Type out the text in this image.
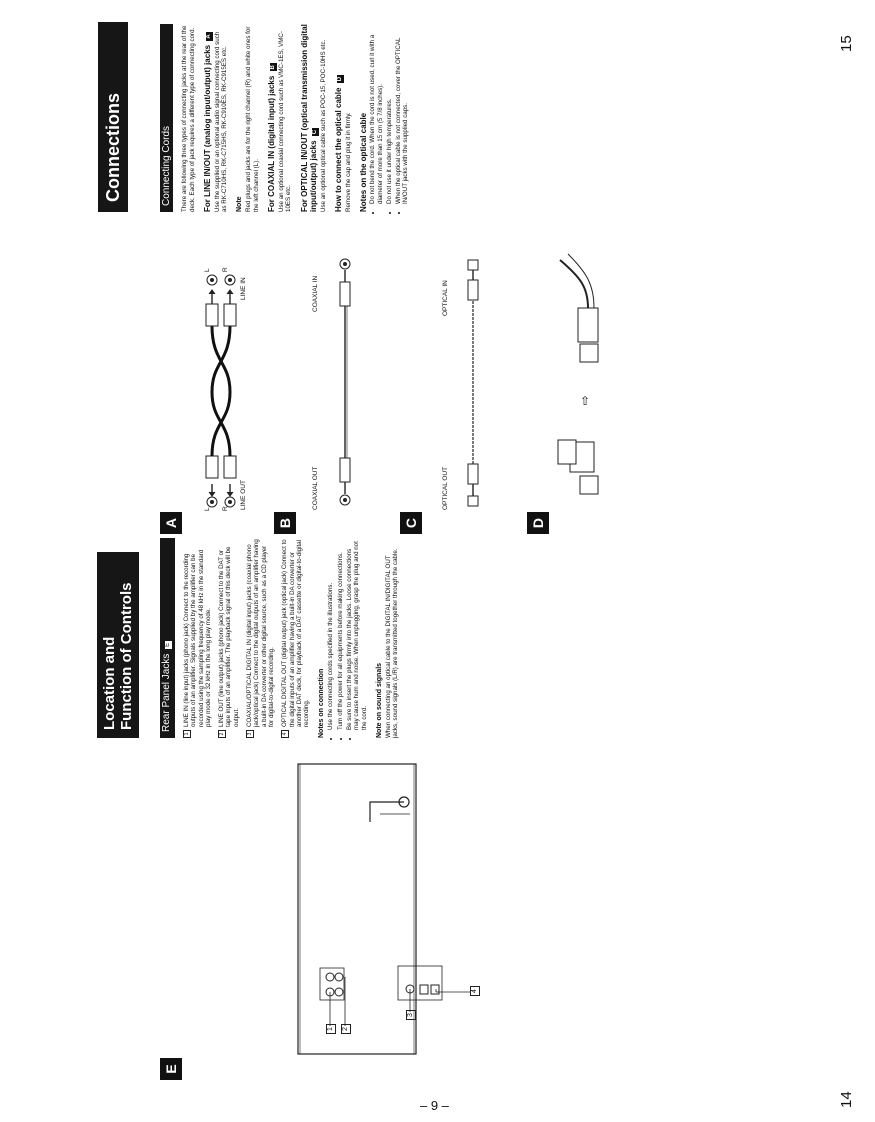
– 9 –	14
15
E
1 2
3
4
Location and Function of Controls	Rear Panel Jacks E
1
LINE IN (line input) jacks (phono jack) Connect to the recording outputs of an amplifier. Signals supplied by the amplifier can be recorded using the sampling frequency of 48 kHz in the standard play mode or 32 kHz in the long play mode.
2
LINE OUT (line output) jacks (phono jack) Connect to the DAT or tape inputs of an amplifier. The playback signal of this deck will be output.
3
COAXIAL/OPTICAL DIGITAL IN (digital input) jacks (coaxial phono jack/optical jack) Connect to the digital outputs of an amplifier having a built-in DA converter or other digital source, such as a CD player for digital-to-digital recording.
4
OPTICAL DIGITAL OUT (digital output) jack (optical jack) Connect to the digital inputs of an amplifier having a built-in DA converter or another DAT deck, for playback of a DAT cassette or digital-to-digital recording. Notes on connection • Use the connecting cords specified in the illustrations. • Turn off the power for all equipments before making connections. • Be sure to insert the plugs firmly into the jacks. Loose connections may cause hum and noise. When unplugging, grasp the plug and not the cord. Note on sound signals When connecting an optical cable to the DIGITAL IN/DIGITAL OUT jacks, sound signals (L/R) are transmitted together through the cable.

A	B	C	D
L R
L R
LINE OUT
LINE IN
COAXIAL OUT
COAXIAL IN
OPTICAL OUT
OPTICAL IN
⇧
Connections	Connecting Cords There are following three types of connecting jacks at the rear of the deck. Each type of jack requires a different type of connecting cord. For LINE IN/OUT (analog input/output) jacks A Use the supplied or an optional audio signal connecting cord such as RK-C710HS, RK-C715HS, RK-C910ES, RK-C915ES etc. Note Red plugs and jacks are for the right channel (R) and white ones for the left channel (L). For COAXIAL IN (digital input) jacks B Use an optional coaxial connecting cord such as VMC-1ES, VMC-10ES etc. For OPTICAL IN/OUT (optical transmission digital input/output) jacks C Use an optional optical cable such as POC-15, POC-10HS etc. How to connect the optical cable D

Remove the cap and plug it in firmly. Notes on the optical cable • Do not bend the cord. When the cord is not used, curl it with a diameter of more than 15 cm (5 7/8 inches). • Do not use it under high temperatures. • When the optical cable is not connected, cover the OPTICAL IN/OUT jacks with the supplied caps.
